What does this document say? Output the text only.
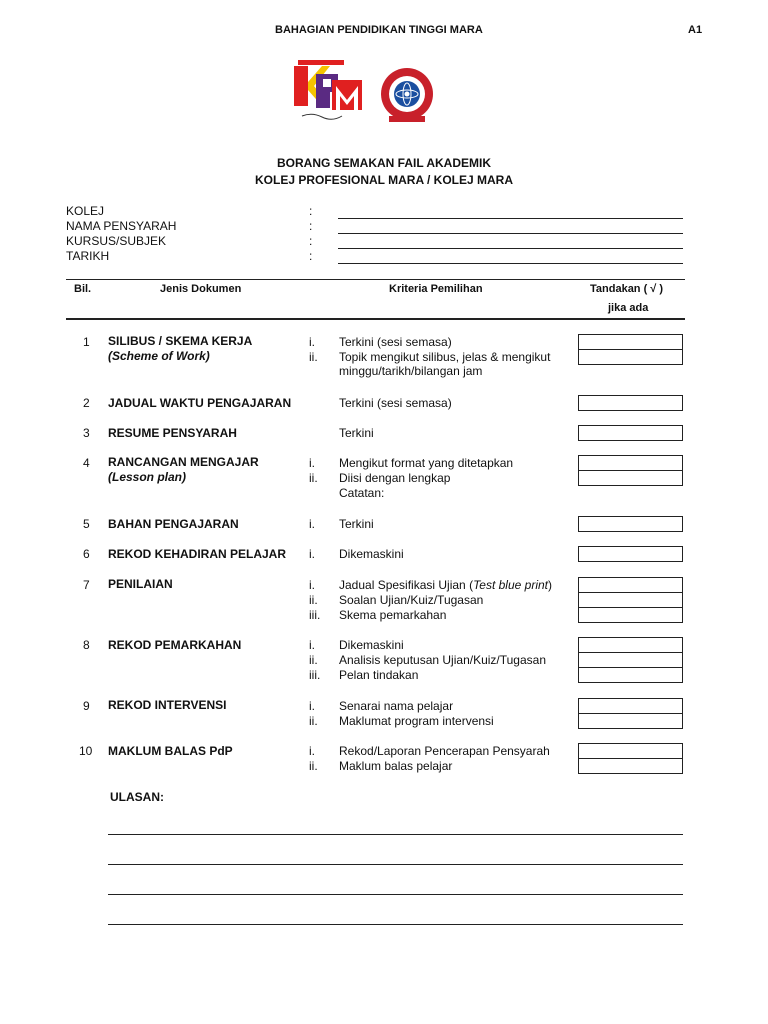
BAHAGIAN PENDIDIKAN TINGGI MARA	A1
BORANG SEMAKAN FAIL AKADEMIK
KOLEJ PROFESIONAL MARA / KOLEJ MARA
KOLEJ	:
NAMA PENSYARAH	:
KURSUS/SUBJEK	:
TARIKH	:
Bil.	Jenis Dokumen	Kriteria Pemilihan	Tandakan ( √ )
jika ada
1 SILIBUS / SKEMA KERJA
(Scheme of Work)
i. Terkini (sesi semasa)
ii. Topik mengikut silibus, jelas & mengikut
minggu/tarikh/bilangan jam
2 JADUAL WAKTU PENGAJARAN	Terkini (sesi semasa)
3 RESUME PENSYARAH	Terkini
4 RANCANGAN MENGAJAR
(Lesson plan)
i. Mengikut format yang ditetapkan
ii. Diisi dengan lengkap
Catatan:
5 BAHAN PENGAJARAN	i. Terkini
6 REKOD KEHADIRAN PELAJAR i. Dikemaskini
7 PENILAIAN	i. Jadual Spesifikasi Ujian (Test blue print)
ii. Soalan Ujian/Kuiz/Tugasan
iii. Skema pemarkahan
8 REKOD PEMARKAHAN	i. Dikemaskini
ii. Analisis keputusan Ujian/Kuiz/Tugasan
iii. Pelan tindakan
9 REKOD INTERVENSI	i. Senarai nama pelajar
ii. Maklumat program intervensi
10 MAKLUM BALAS PdP	i. Rekod/Laporan Pencerapan Pensyarah
ii. Maklum balas pelajar
ULASAN:
